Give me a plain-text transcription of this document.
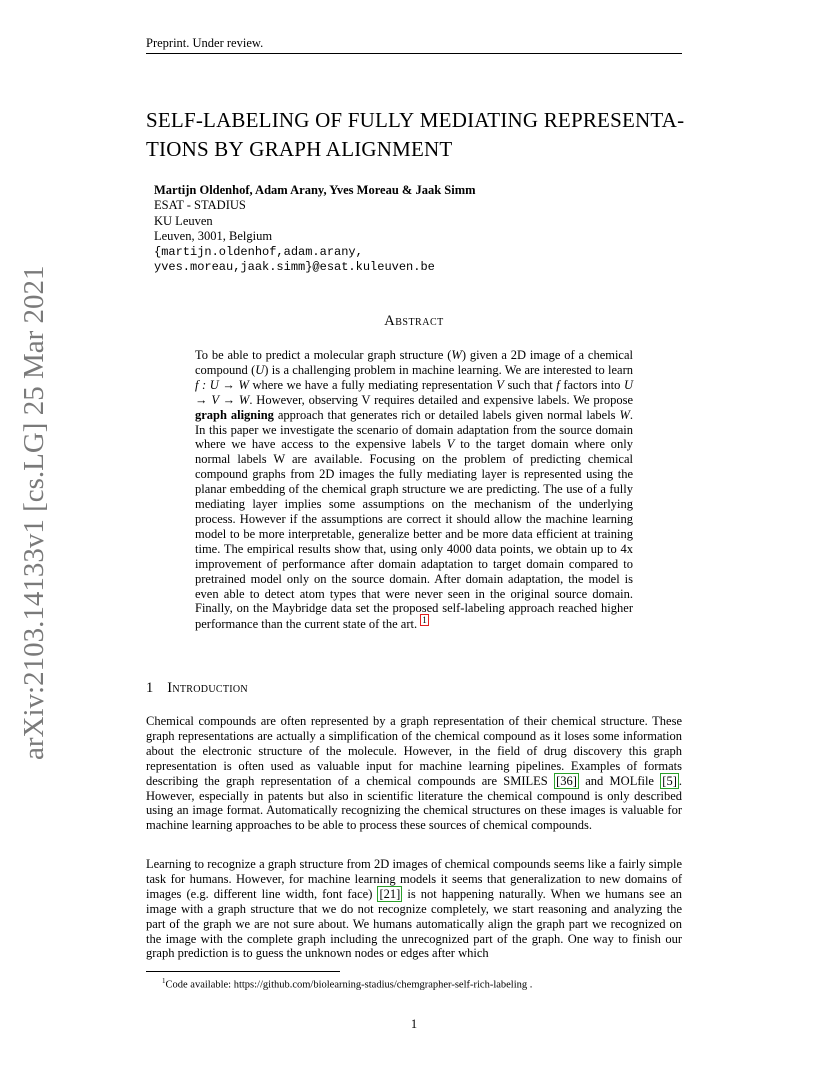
Preprint. Under review.
SELF-LABELING OF FULLY MEDIATING REPRESENTA-
TIONS BY GRAPH ALIGNMENT
Martijn Oldenhof, Adam Arany, Yves Moreau & Jaak Simm
ESAT - STADIUS
KU Leuven
Leuven, 3001, Belgium
{martijn.oldenhof,adam.arany,
yves.moreau,jaak.simm}@esat.kuleuven.be
arXiv:2103.14133v1 [cs.LG] 25 Mar 2021	Abstract
To be able to predict a molecular graph structure (W) given a 2D image of a chemical compound (U) is a challenging problem in machine learning. We are interested to learn f : U → W where we have a fully mediating representation V such that f factors into U → V → W. However, observing V requires detailed and expensive labels. We propose graph aligning approach that generates rich or detailed labels given normal labels W. In this paper we investigate the scenario of domain adaptation from the source domain where we have access to the expensive labels V to the target domain where only normal labels W are available. Focusing on the problem of predicting chemical compound graphs from 2D images the fully mediating layer is represented using the planar embedding of the chemical graph structure we are predicting. The use of a fully mediating layer implies some assumptions on the mechanism of the underlying process. However if the assumptions are correct it should allow the machine learning model to be more interpretable, generalize better and be more data efficient at training time. The empirical results show that, using only 4000 data points, we obtain up to 4x improvement of performance after domain adaptation to target domain compared to pretrained model only on the source domain. After domain adaptation, the model is even able to detect atom types that were never seen in the original source domain. Finally, on the Maybridge data set the proposed self-labeling approach reached higher performance than the current state of the art. $^1$
1 Introduction
Chemical compounds are often represented by a graph representation of their chemical structure. These graph representations are actually a simplification of the chemical compound as it loses some information about the electronic structure of the molecule. However, in the field of drug discovery this graph representation is often used as valuable input for machine learning pipelines. Examples of formats describing the graph representation of a chemical compounds are SMILES [36] and MOLfile [5] . However, especially in patents but also in scientific literature the chemical compound is only described using an image format. Automatically recognizing the chemical structures on these images is valuable for machine learning approaches to be able to process these sources of chemical compounds.
Learning to recognize a graph structure from 2D images of chemical compounds seems like a fairly simple task for humans. However, for machine learning models it seems that generalization to new domains of images (e.g. different line width, font face) [21] is not happening naturally. When we humans see an image with a graph structure that we do not recognize completely, we start reasoning and analyzing the part of the graph we are not sure about. We humans automatically align the graph part we recognized on the image with the complete graph including the unrecognized part of the graph. One way to finish our graph prediction is to guess the unknown nodes or edges after which
$^1$Code available: https://github.com/biolearning-stadius/chemgrapher-self-rich-labeling .
1
